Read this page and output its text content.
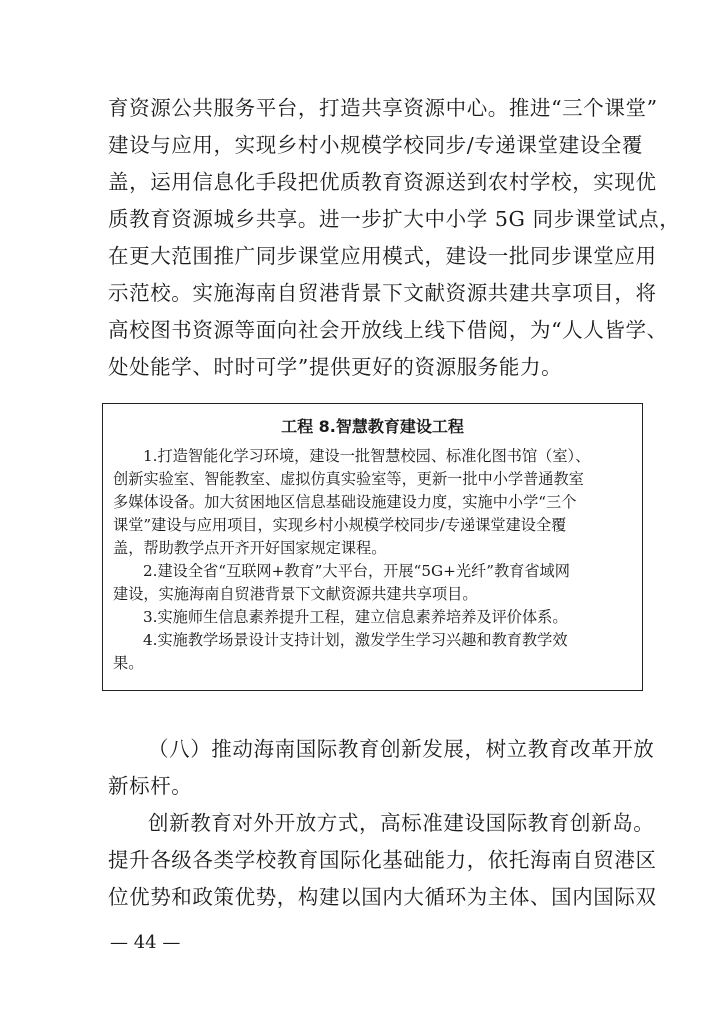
育资源公共服务平台，打造共享资源中心。推进“三个课堂”
建设与应用，实现乡村小规模学校同步/专递课堂建设全覆
盖，运用信息化手段把优质教育资源送到农村学校，实现优
质教育资源城乡共享。进一步扩大中小学 5G 同步课堂试点，
在更大范围推广同步课堂应用模式，建设一批同步课堂应用
示范校。实施海南自贸港背景下文献资源共建共享项目，将
高校图书资源等面向社会开放线上线下借阅，为“人人皆学、
处处能学、时时可学”提供更好的资源服务能力。
工程 8.智慧教育建设工程
1.打造智能化学习环境，建设一批智慧校园、标准化图书馆（室）、
创新实验室、智能教室、虚拟仿真实验室等，更新一批中小学普通教室
多媒体设备。加大贫困地区信息基础设施建设力度，实施中小学“三个
课堂”建设与应用项目，实现乡村小规模学校同步/专递课堂建设全覆
盖，帮助教学点开齐开好国家规定课程。
2.建设全省“互联网+教育”大平台，开展“5G+光纤”教育省域网
建设，实施海南自贸港背景下文献资源共建共享项目。
3.实施师生信息素养提升工程，建立信息素养培养及评价体系。
4.实施教学场景设计支持计划，激发学生学习兴趣和教育教学效
果。
（八）推动海南国际教育创新发展，树立教育改革开放
新标杆。
创新教育对外开放方式，高标准建设国际教育创新岛。
提升各级各类学校教育国际化基础能力，依托海南自贸港区
位优势和政策优势，构建以国内大循环为主体、国内国际双
— 44 —
